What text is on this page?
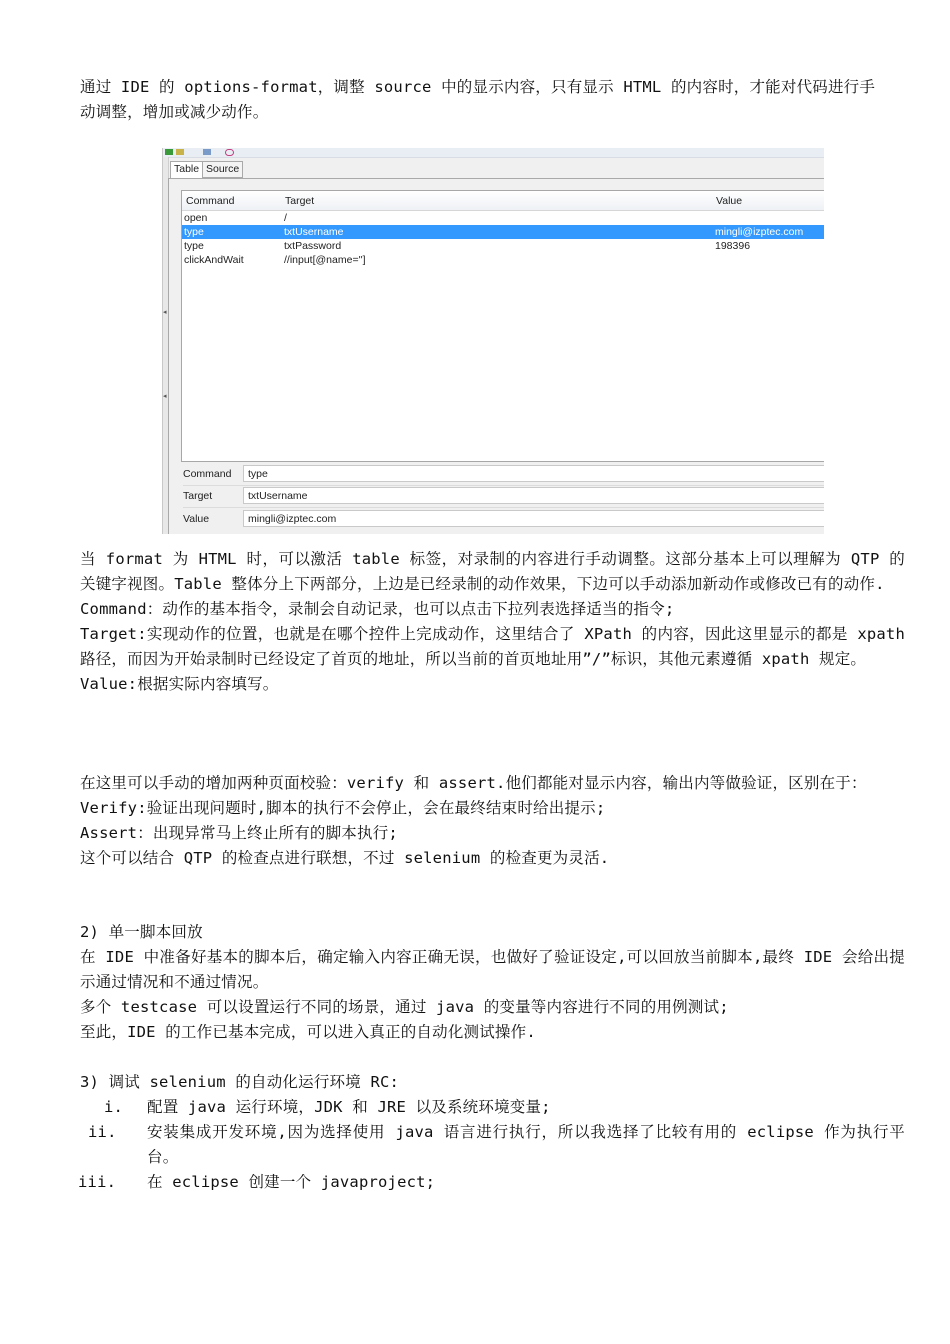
通过 IDE 的 options-format，调整 source 中的显示内容，只有显示 HTML 的内容时，才能对代码进行手
动调整，增加或减少动作。
◂
◂
Table Source
Command	Target	Value
open	/
type	txtUsername	mingli@izptec.com
type	txtPassword	198396
clickAndWait	//input[@name='']
Command	type
Target	txtUsername
Value	mingli@izptec.com
当 format 为 HTML 时，可以激活 table 标签，对录制的内容进行手动调整。这部分基本上可以理解为 QTP 的关键字视图。Table 整体分上下两部分，上边是已经录制的动作效果，下边可以手动添加新动作或修改已有的动作.
Command：动作的基本指令，录制会自动记录，也可以点击下拉列表选择适当的指令;
Target:实现动作的位置，也就是在哪个控件上完成动作，这里结合了 XPath 的内容，因此这里显示的都是 xpath 路径，而因为开始录制时已经设定了首页的地址，所以当前的首页地址用”/”标识，其他元素遵循 xpath 规定。
Value:根据实际内容填写。
在这里可以手动的增加两种页面校验：verify 和 assert.他们都能对显示内容，输出内等做验证，区别在于：
Verify:验证出现问题时,脚本的执行不会停止，会在最终结束时给出提示;
Assert：出现异常马上终止所有的脚本执行;
这个可以结合 QTP 的检查点进行联想，不过 selenium 的检查更为灵活.
2) 单一脚本回放
在 IDE 中准备好基本的脚本后，确定输入内容正确无误，也做好了验证设定,可以回放当前脚本,最终 IDE 会给出提示通过情况和不通过情况。
多个 testcase 可以设置运行不同的场景，通过 java 的变量等内容进行不同的用例测试;
至此，IDE 的工作已基本完成，可以进入真正的自动化测试操作.
3) 调试 selenium 的自动化运行环境 RC:
i. 配置 java 运行环境，JDK 和 JRE 以及系统环境变量;
ii. 安装集成开发环境,因为选择使用 java 语言进行执行，所以我选择了比较有用的 eclipse 作为执行平台。
iii. 在 eclipse 创建一个 javaproject;
